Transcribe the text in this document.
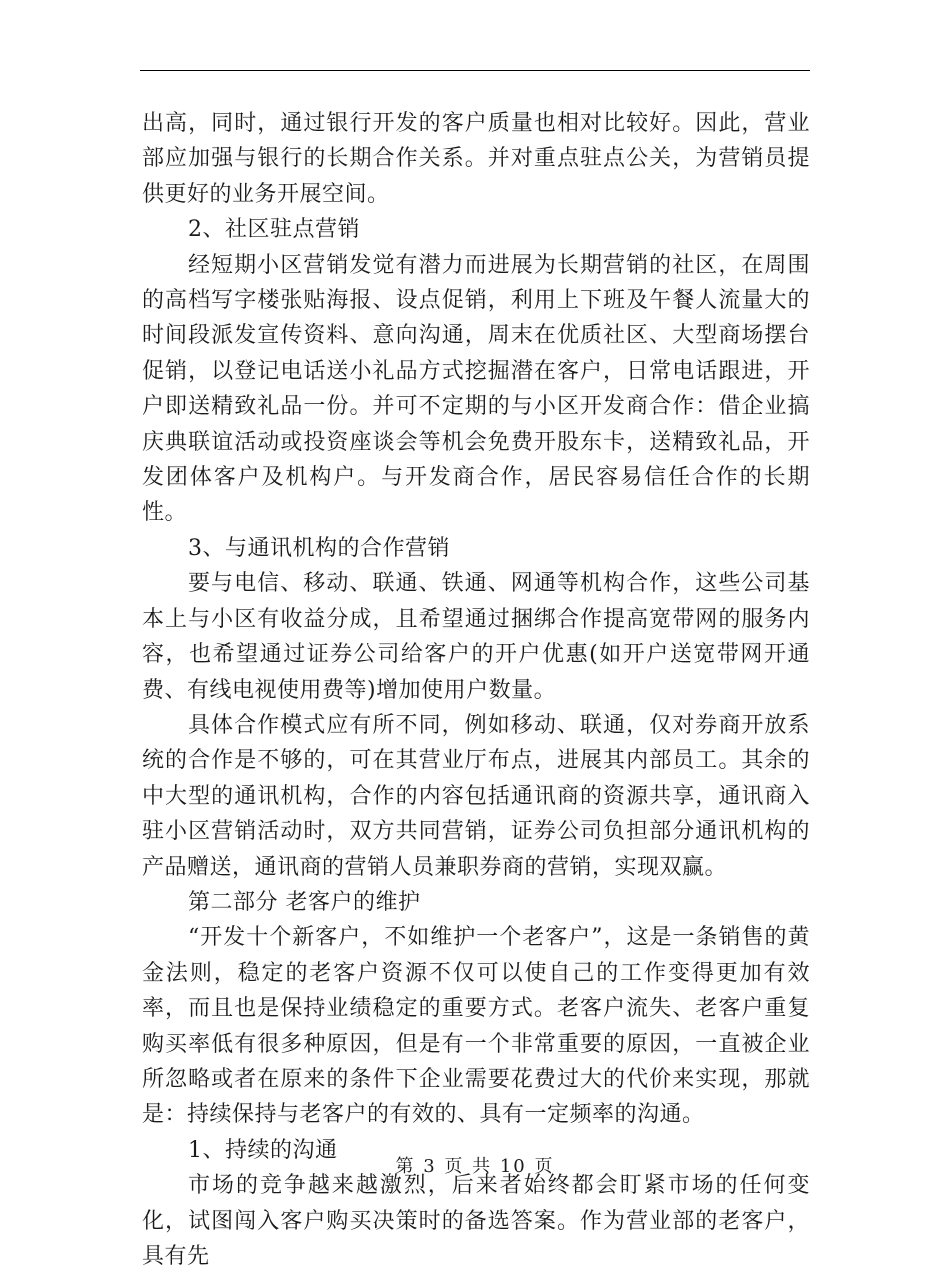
出高，同时，通过银行开发的客户质量也相对比较好。因此，营业部应加强与银行的长期合作关系。并对重点驻点公关，为营销员提供更好的业务开展空间。

2、社区驻点营销

经短期小区营销发觉有潜力而进展为长期营销的社区，在周围的高档写字楼张贴海报、设点促销，利用上下班及午餐人流量大的时间段派发宣传资料、意向沟通，周末在优质社区、大型商场摆台促销，以登记电话送小礼品方式挖掘潜在客户，日常电话跟进，开户即送精致礼品一份。并可不定期的与小区开发商合作：借企业搞庆典联谊活动或投资座谈会等机会免费开股东卡，送精致礼品，开发团体客户及机构户。与开发商合作，居民容易信任合作的长期性。

3、与通讯机构的合作营销

要与电信、移动、联通、铁通、网通等机构合作，这些公司基本上与小区有收益分成，且希望通过捆绑合作提高宽带网的服务内容，也希望通过证券公司给客户的开户优惠(如开户送宽带网开通费、有线电视使用费等)增加使用户数量。

具体合作模式应有所不同，例如移动、联通，仅对券商开放系统的合作是不够的，可在其营业厅布点，进展其内部员工。其余的中大型的通讯机构，合作的内容包括通讯商的资源共享，通讯商入驻小区营销活动时，双方共同营销，证券公司负担部分通讯机构的产品赠送，通讯商的营销人员兼职券商的营销，实现双赢。

第二部分 老客户的维护

“开发十个新客户，不如维护一个老客户”，这是一条销售的黄金法则，稳定的老客户资源不仅可以使自己的工作变得更加有效率，而且也是保持业绩稳定的重要方式。老客户流失、老客户重复购买率低有很多种原因，但是有一个非常重要的原因，一直被企业所忽略或者在原来的条件下企业需要花费过大的代价来实现，那就是：持续保持与老客户的有效的、具有一定频率的沟通。

1、持续的沟通

市场的竞争越来越激烈，后来者始终都会盯紧市场的任何变化，试图闯入客户购买决策时的备选答案。作为营业部的老客户，具有先

第 3 页 共 10 页
